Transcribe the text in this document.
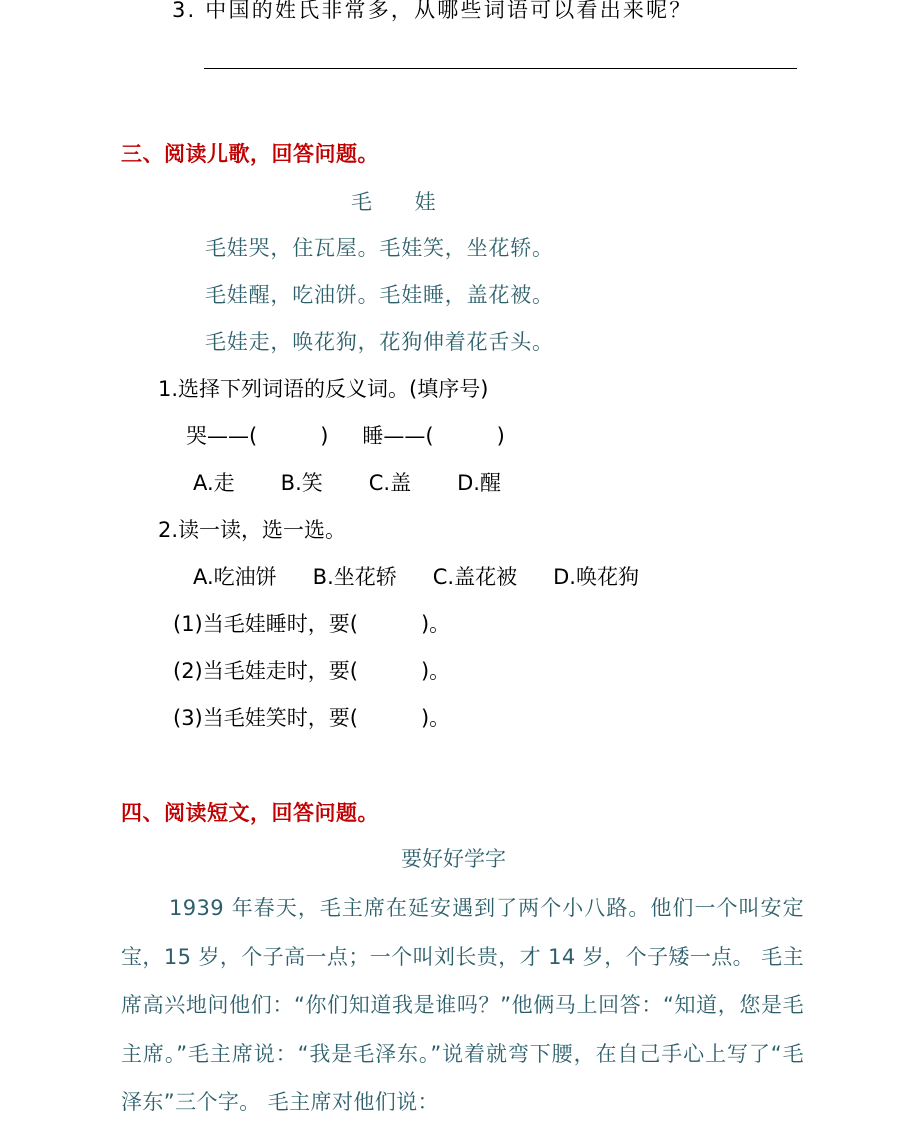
3. 中国的姓氏非常多，从哪些词语可以看出来呢？
三、阅读儿歌，回答问题。
毛 娃
毛娃哭，住瓦屋。毛娃笑，坐花轿。
毛娃醒，吃油饼。毛娃睡，盖花被。
毛娃走，唤花狗，花狗伸着花舌头。
1.选择下列词语的反义词。(填序号)
哭——(　　　) 睡——(　　　)
A.走 B.笑 C.盖 D.醒
2.读一读，选一选。
A.吃油饼 B.坐花轿 C.盖花被 D.唤花狗
(1)当毛娃睡时，要(　　　)。
(2)当毛娃走时，要(　　　)。
(3)当毛娃笑时，要(　　　)。
四、阅读短文，回答问题。
要好好学字
1939 年春天，毛主席在延安遇到了两个小八路。他们一个叫安定宝，15 岁，个子高一点；一个叫刘长贵，才 14 岁，个子矮一点。 毛主席高兴地问他们：“你们知道我是谁吗？”他俩马上回答：“知道，您是毛主席。”毛主席说：“我是毛泽东。”说着就弯下腰，在自己手心上写了“毛泽东”三个字。 毛主席对他们说：
